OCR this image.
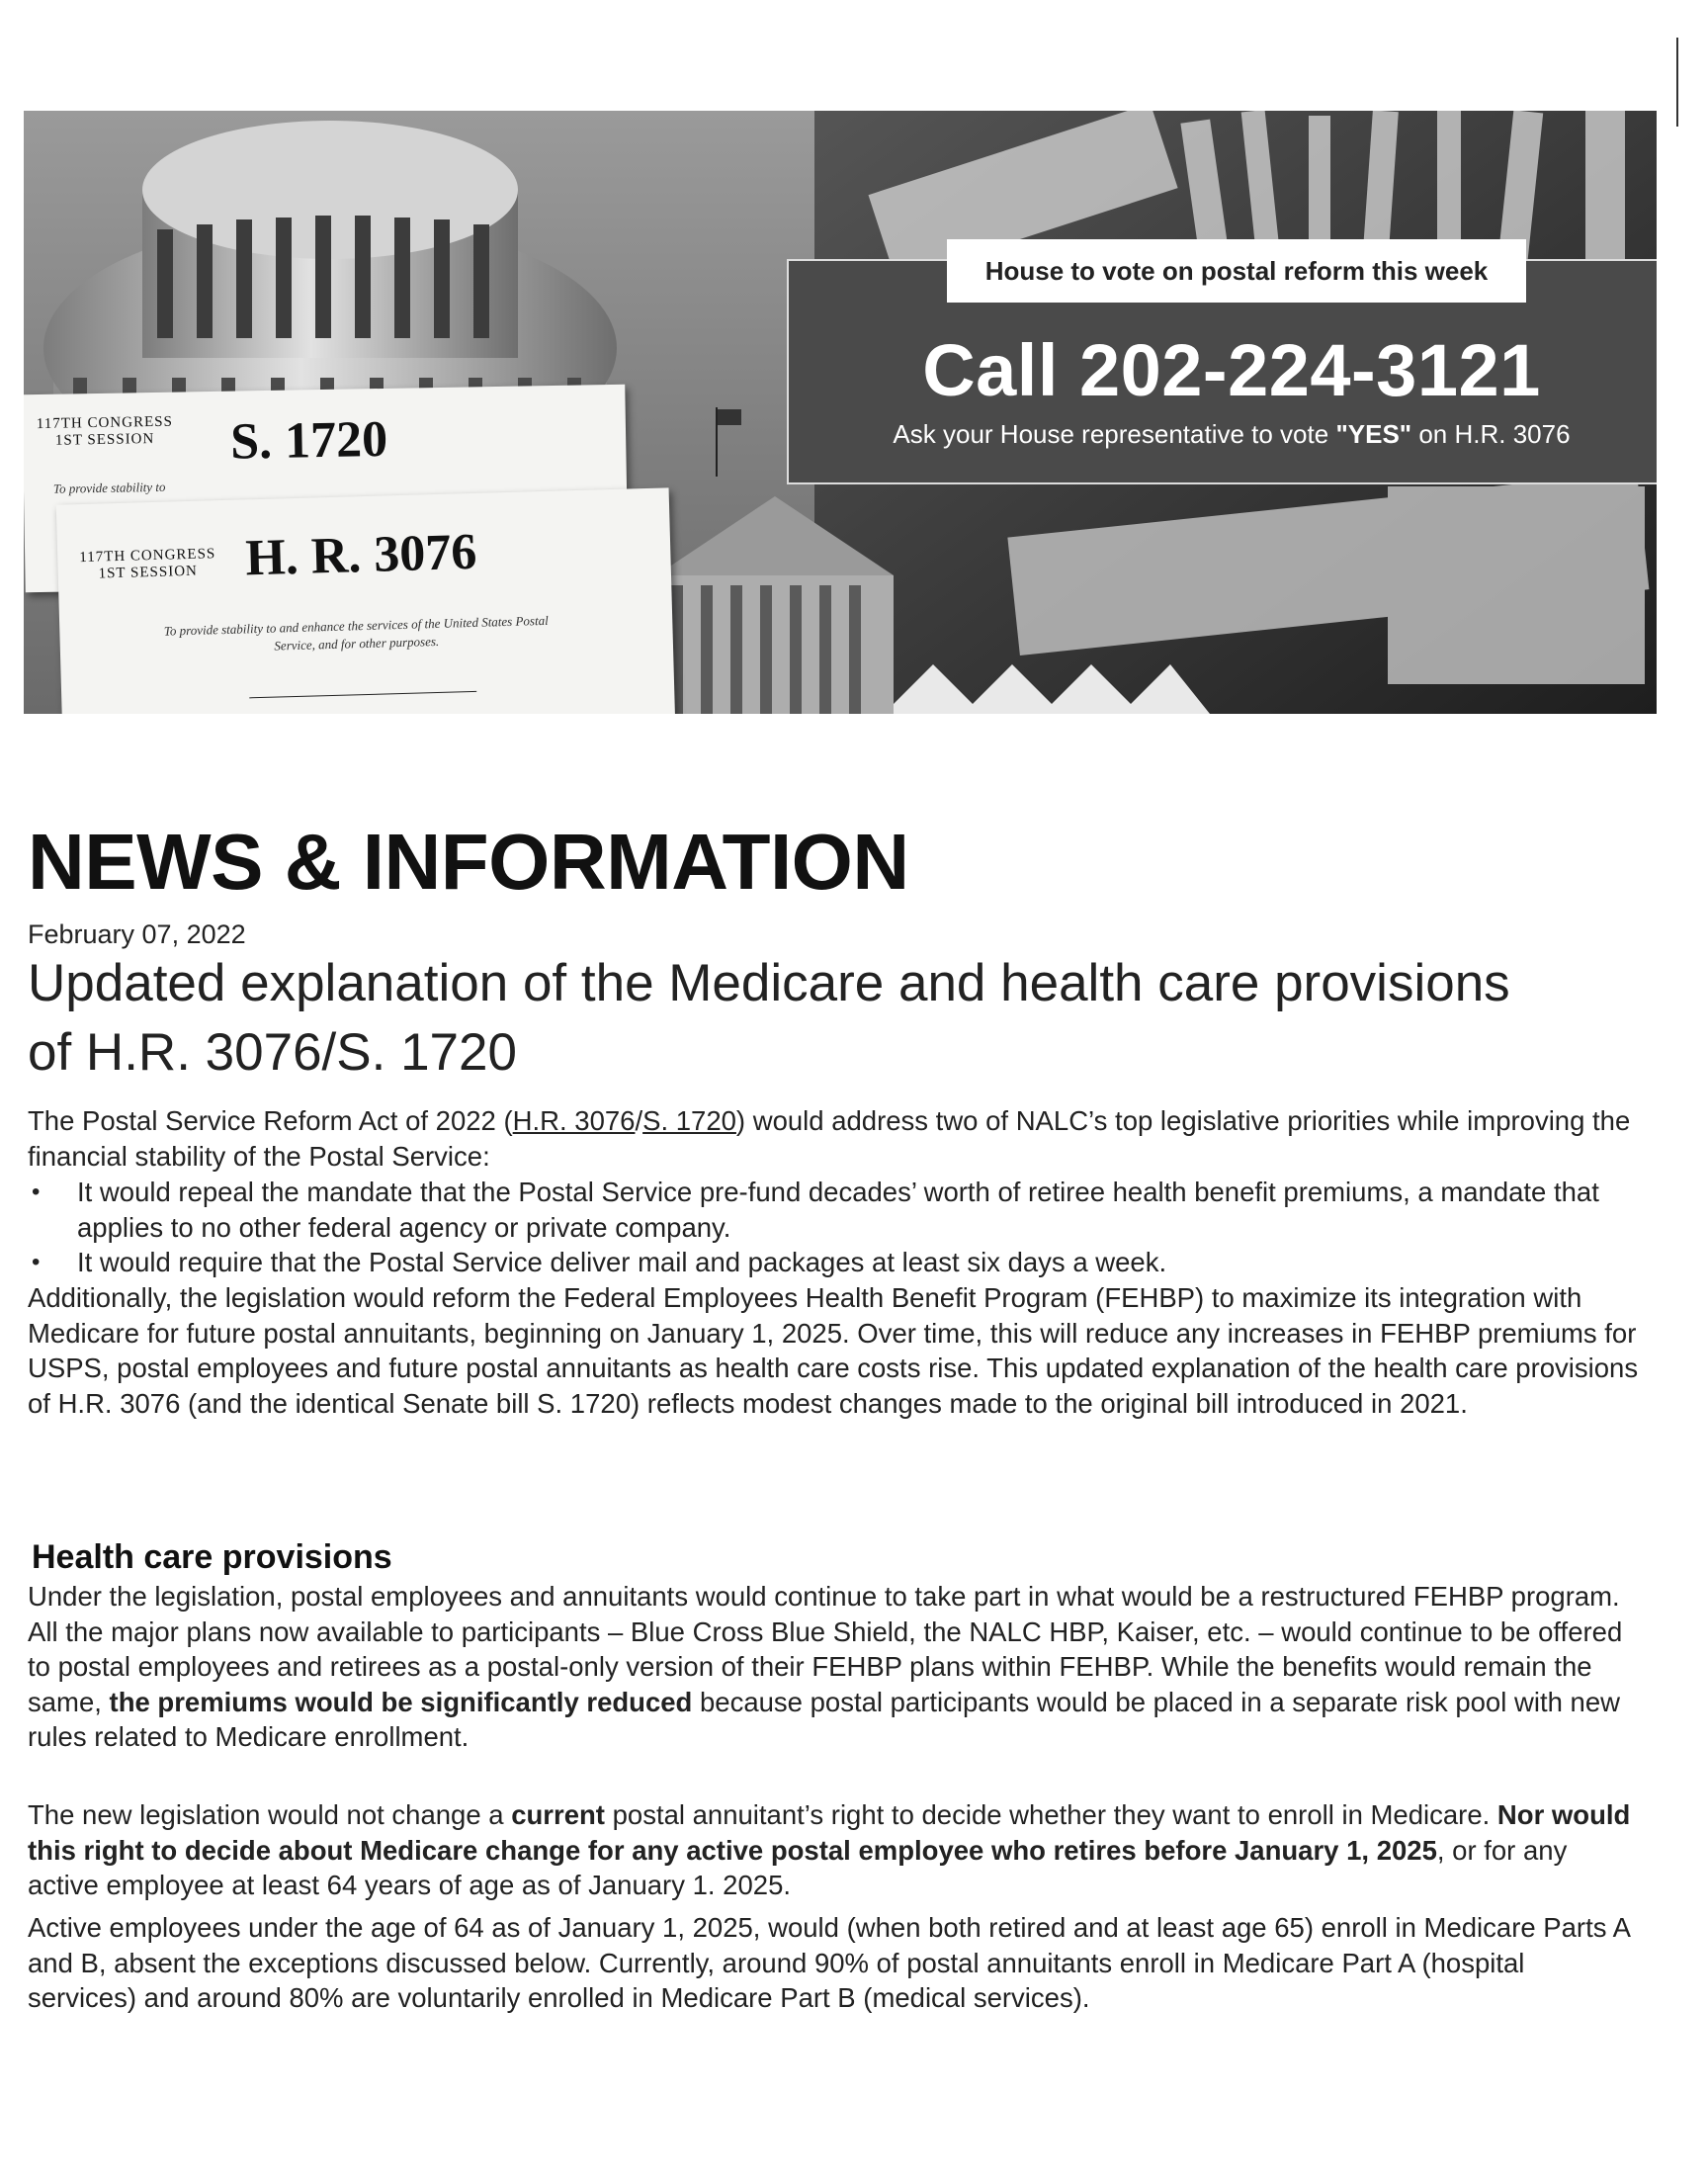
117TH CONGRESS
1ST SESSION	S. 1720
To provide stability to
117TH CONGRESS
1ST SESSION H. R. 3076
To provide stability to and enhance the services of the United States Postal
Service, and for other purposes.
House to vote on postal reform this week
Call 202-224-3121
Ask your House representative to vote "YES" on H.R. 3076
NEWS & INFORMATION
February 07, 2022
Updated explanation of the Medicare and health care provisions of H.R. 3076/S. 1720

The Postal Service Reform Act of 2022 (H.R. 3076/S. 1720) would address two of NALC’s top legislative priorities while improving the financial stability of the Postal Service:

• It would repeal the mandate that the Postal Service pre-fund decades’ worth of retiree health benefit premiums, a mandate that applies to no other federal agency or private company.
• It would require that the Postal Service deliver mail and packages at least six days a week.

Additionally, the legislation would reform the Federal Employees Health Benefit Program (FEHBP) to maximize its integration with Medicare for future postal annuitants, beginning on January 1, 2025. Over time, this will reduce any increases in FEHBP premiums for USPS, postal employees and future postal annuitants as health care costs rise. This updated explanation of the health care provisions of H.R. 3076 (and the identical Senate bill S. 1720) reflects modest changes made to the original bill introduced in 2021.

Health care provisions

Under the legislation, postal employees and annuitants would continue to take part in what would be a restructured FEHBP program. All the major plans now available to participants – Blue Cross Blue Shield, the NALC HBP, Kaiser, etc. – would continue to be offered to postal employees and retirees as a postal-only version of their FEHBP plans within FEHBP. While the benefits would remain the same, the premiums would be significantly reduced because postal participants would be placed in a separate risk pool with new rules related to Medicare enrollment.

The new legislation would not change a current postal annuitant’s right to decide whether they want to enroll in Medicare. Nor would this right to decide about Medicare change for any active postal employee who retires before January 1, 2025, or for any active employee at least 64 years of age as of January 1. 2025.

Active employees under the age of 64 as of January 1, 2025, would (when both retired and at least age 65) enroll in Medicare Parts A and B, absent the exceptions discussed below. Currently, around 90% of postal annuitants enroll in Medicare Part A (hospital services) and around 80% are voluntarily enrolled in Medicare Part B (medical services).
